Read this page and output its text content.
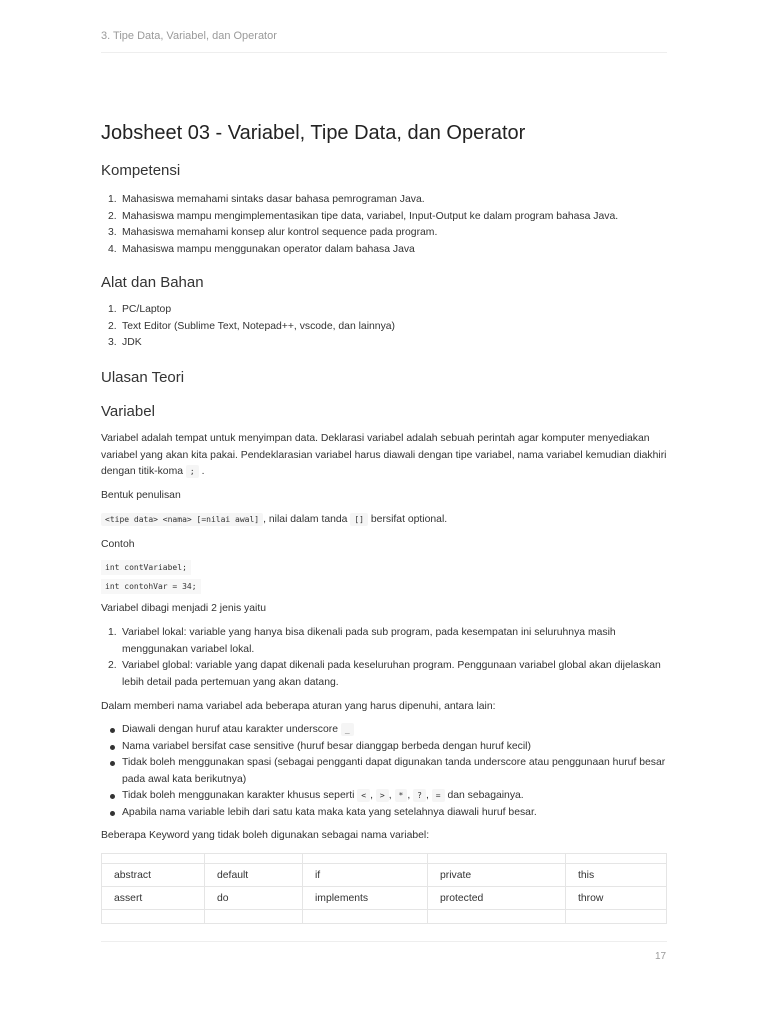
3. Tipe Data, Variabel, dan Operator
Jobsheet 03 - Variabel, Tipe Data, dan Operator
Kompetensi
1. Mahasiswa memahami sintaks dasar bahasa pemrograman Java.
2. Mahasiswa mampu mengimplementasikan tipe data, variabel, Input-Output ke dalam program bahasa Java.
3. Mahasiswa memahami konsep alur kontrol sequence pada program.
4. Mahasiswa mampu menggunakan operator dalam bahasa Java
Alat dan Bahan
1. PC/Laptop
2. Text Editor (Sublime Text, Notepad++, vscode, dan lainnya)
3. JDK
Ulasan Teori
Variabel

Variabel adalah tempat untuk menyimpan data. Deklarasi variabel adalah sebuah perintah agar komputer menyediakan variabel yang akan kita pakai. Pendeklarasian variabel harus diawali dengan tipe variabel, nama variabel kemudian diakhiri dengan titik-koma ; .

Bentuk penulisan

<tipe data> <nama> [=nilai awal] , nilai dalam tanda [] bersifat optional.

Contoh

int contVariabel;
int contohVar = 34;

Variabel dibagi menjadi 2 jenis yaitu

1. Variabel lokal: variable yang hanya bisa dikenali pada sub program, pada kesempatan ini seluruhnya masih menggunakan variabel lokal.
2. Variabel global: variable yang dapat dikenali pada keseluruhan program. Penggunaan variabel global akan dijelaskan lebih detail pada pertemuan yang akan datang.

Dalam memberi nama variabel ada beberapa aturan yang harus dipenuhi, antara lain:

Diawali dengan huruf atau karakter underscore _
Nama variabel bersifat case sensitive (huruf besar dianggap berbeda dengan huruf kecil)
Tidak boleh menggunakan spasi (sebagai pengganti dapat digunakan tanda underscore atau penggunaan huruf besar pada awal kata berikutnya)
Tidak boleh menggunakan karakter khusus seperti < , > , * , ? , = dan sebagainya.
Apabila nama variable lebih dari satu kata maka kata yang setelahnya diawali huruf besar.

Beberapa Keyword yang tidak boleh digunakan sebagai nama variabel:

abstract	default	if	private	this
assert	do	implements	protected	throw

17
